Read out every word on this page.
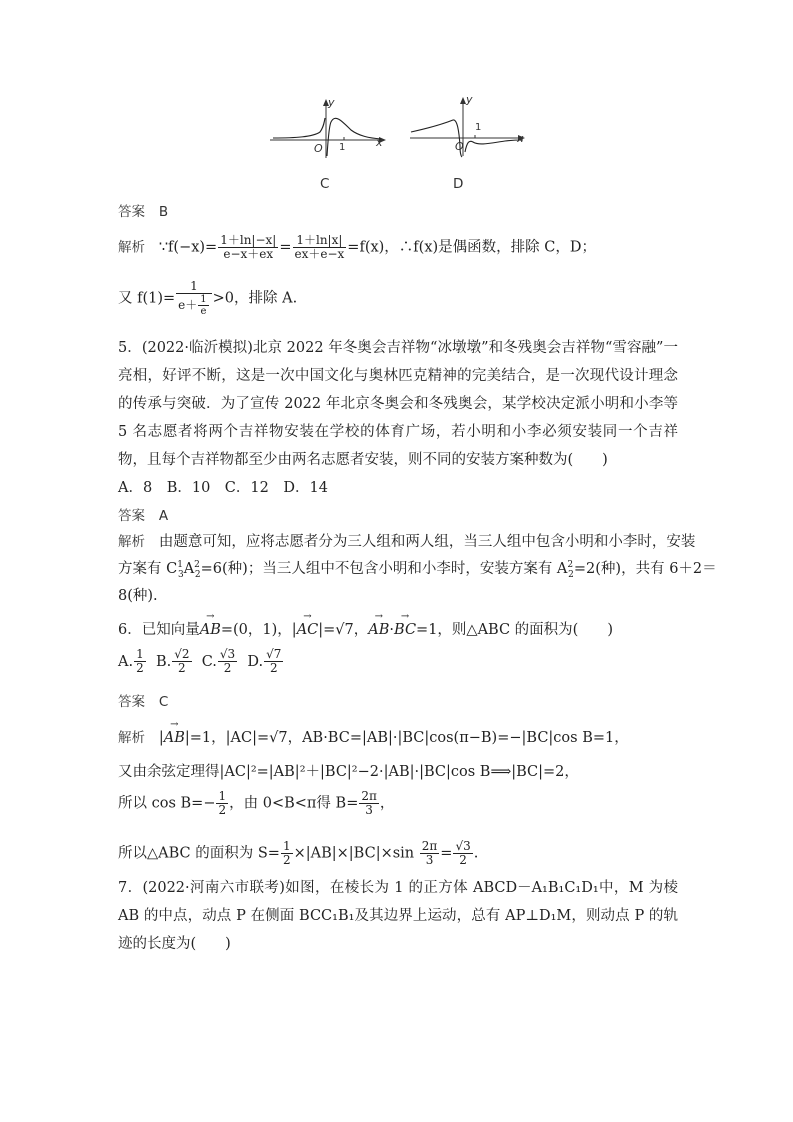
y
x
O 1
C
y
x
O
1
D
答案 B
解析 ∵f(−x)= $\frac{1+\ln|-x|}{e-x+ex} = \frac{1+\ln|x|}{ex+e-x} =f(x)$，∴f(x)是偶函数，排除 C，D；
又 $f(1)= \frac{1}{e+ \frac{1}{e}} >0$，排除 A.
5．(2022·临沂模拟)北京 2022 年冬奥会吉祥物“冰墩墩”和冬残奥会吉祥物“雪容融”一亮相，好评不断，这是一次中国文化与奥林匹克精神的完美结合，是一次现代设计理念的传承与突破．为了宣传 2022 年北京冬奥会和冬残奥会，某学校决定派小明和小李等 5 名志愿者将两个吉祥物安装在学校的体育广场，若小明和小李必须安装同一个吉祥物，且每个吉祥物都至少由两名志愿者安装，则不同的安装方案种数为(　　)
A．8　B．10　C．12　D．14
答案 A
解析 由题意可知，应将志愿者分为三人组和两人组，当三人组中包含小明和小李时，安装
方案有 $C^1_3A^2_2=6$(种)；当三人组中不包含小明和小李时，安装方案有 $A^2_2=2$(种)，共有 6＋2＝
8(种).
6．已知向量→ AB=(0，1)，|→ AC|=√7，→ AB·→ BC=1，则△ABC 的面积为(　　)
A. $\frac{1}{2} B$. $\frac{√2}{2} C$. $\frac{√3}{2} D$. $\frac{√7}{2}$
答案 C
解析   |→ AB|=1，|AC|=√7，AB·BC=|AB|·|BC|cos(π−B)=−|BC|cos B=1，
又由余弦定理得|AC|²=|AB|²＋|BC|²−2·|AB|·|BC|cos B⟹|BC|=2，
所以 $\cos B=- \frac{1}{2}$ ，由 0<B<π得 $B= \frac{2\pi}{3}$ ，
所以△ABC 的面积为 $S= \frac{1}{2} \times|AB|\times|BC|\times\sin \frac{2\pi}{3} = \frac{√3}{2}$ .
7．(2022·河南六市联考)如图，在棱长为 1 的正方体 ABCD－A₁B₁C₁D₁中，M 为棱 AB 的中点，动点 P 在侧面 BCC₁B₁及其边界上运动，总有 AP⊥D₁M，则动点 P 的轨迹的长度为(　　)
